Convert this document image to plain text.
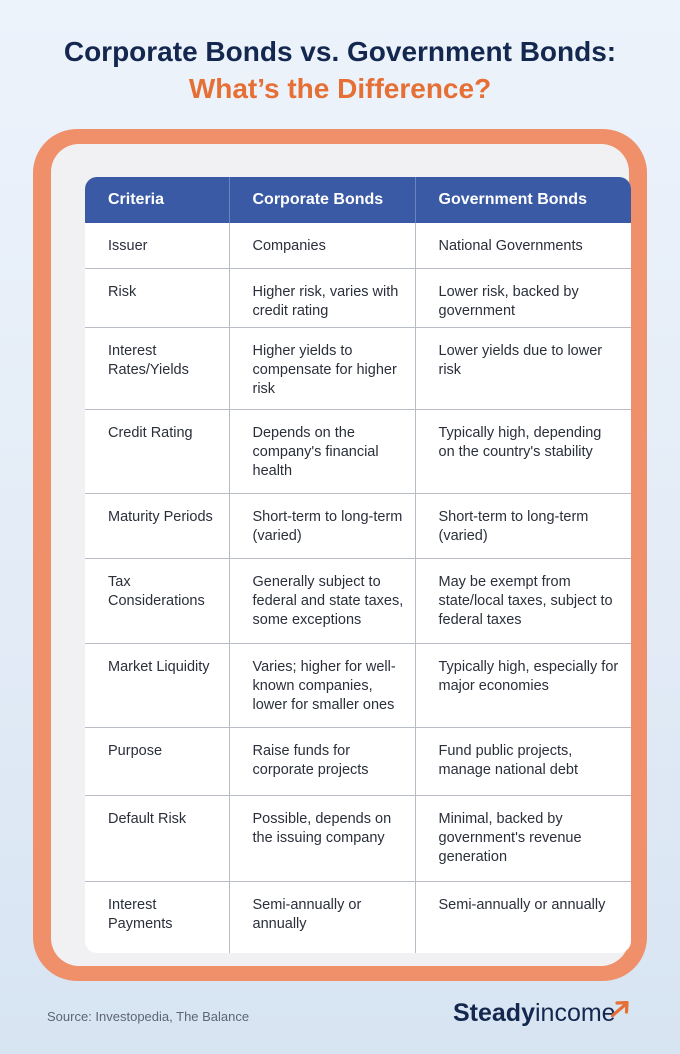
Corporate Bonds vs. Government Bonds:
What’s the Difference?
Criteria	Corporate Bonds	Government Bonds
Issuer	Companies	National Governments
Risk	Higher risk, varies with credit rating	Lower risk, backed by government
Interest Rates/Yields	Higher yields to compensate for higher risk	Lower yields due to lower risk
Credit Rating	Depends on the company's financial health	Typically high, depending on the country's stability
Maturity Periods	Short-term to long-term (varied)	Short-term to long-term (varied)
Tax Considerations	Generally subject to federal and state taxes, some exceptions	May be exempt from state/local taxes, subject to federal taxes
Market Liquidity	Varies; higher for well-known companies, lower for smaller ones	Typically high, especially for major economies
Purpose	Raise funds for corporate projects	Fund public projects, manage national debt
Default Risk	Possible, depends on the issuing company	Minimal, backed by government's revenue generation
Interest Payments	Semi-annually or annually	Semi-annually or annually
Source: Investopedia, The Balance	Steadyincome
